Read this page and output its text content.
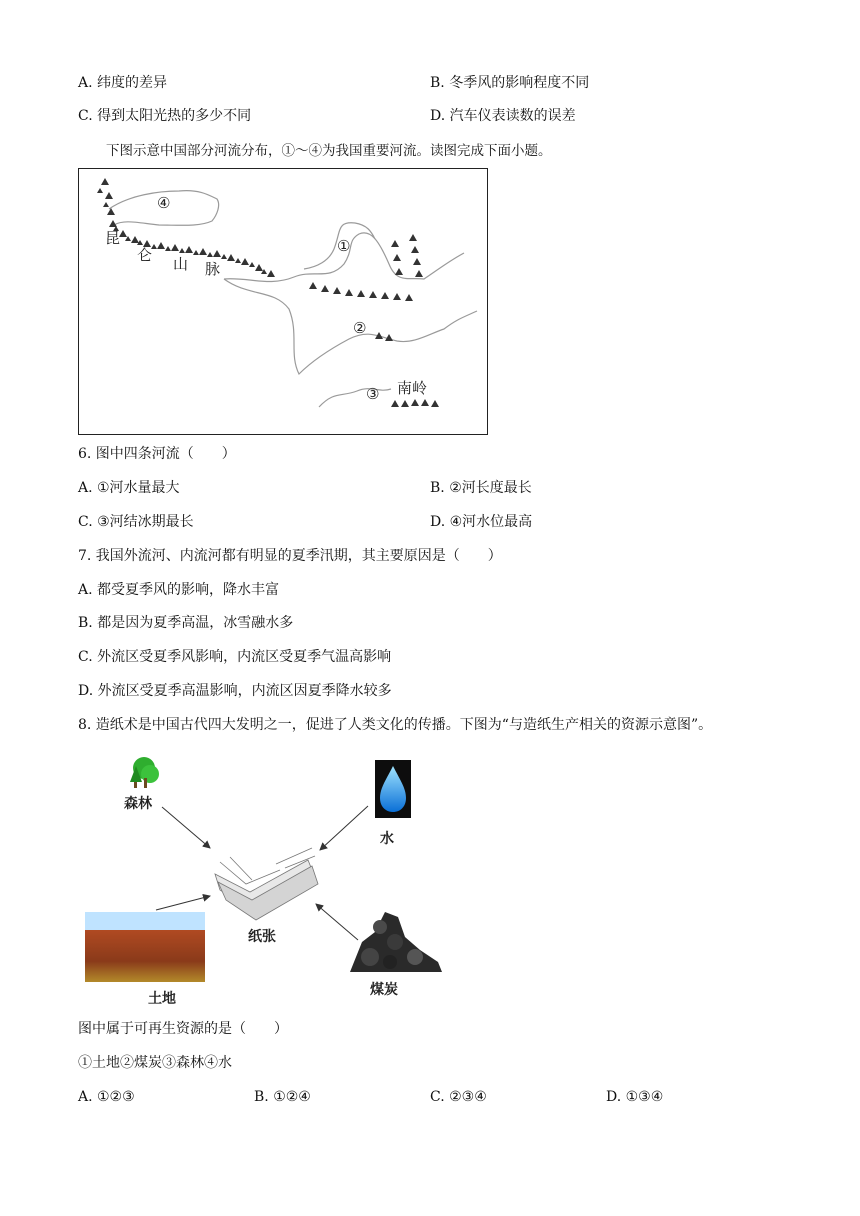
A. 纬度的差异	B. 冬季风的影响程度不同
C. 得到太阳光热的多少不同	D. 汽车仪表读数的误差
下图示意中国部分河流分布，①～④为我国重要河流。读图完成下面小题。
④
①
②
③
昆
仑 山 脉
南岭
6. 图中四条河流（　　）
A. ①河水量最大	B. ②河长度最长
C. ③河结冰期最长	D. ④河水位最高
7. 我国外流河、内流河都有明显的夏季汛期，其主要原因是（　　）
A. 都受夏季风的影响，降水丰富
B. 都是因为夏季高温，冰雪融水多
C. 外流区受夏季风影响，内流区受夏季气温高影响
D. 外流区受夏季高温影响，内流区因夏季降水较多
8. 造纸术是中国古代四大发明之一，促进了人类文化的传播。下图为“与造纸生产相关的资源示意图”。
森林
水
纸张
土地
煤炭
图中属于可再生资源的是（　　）
①土地②煤炭③森林④水
A. ①②③	B. ①②④	C. ②③④	D. ①③④
